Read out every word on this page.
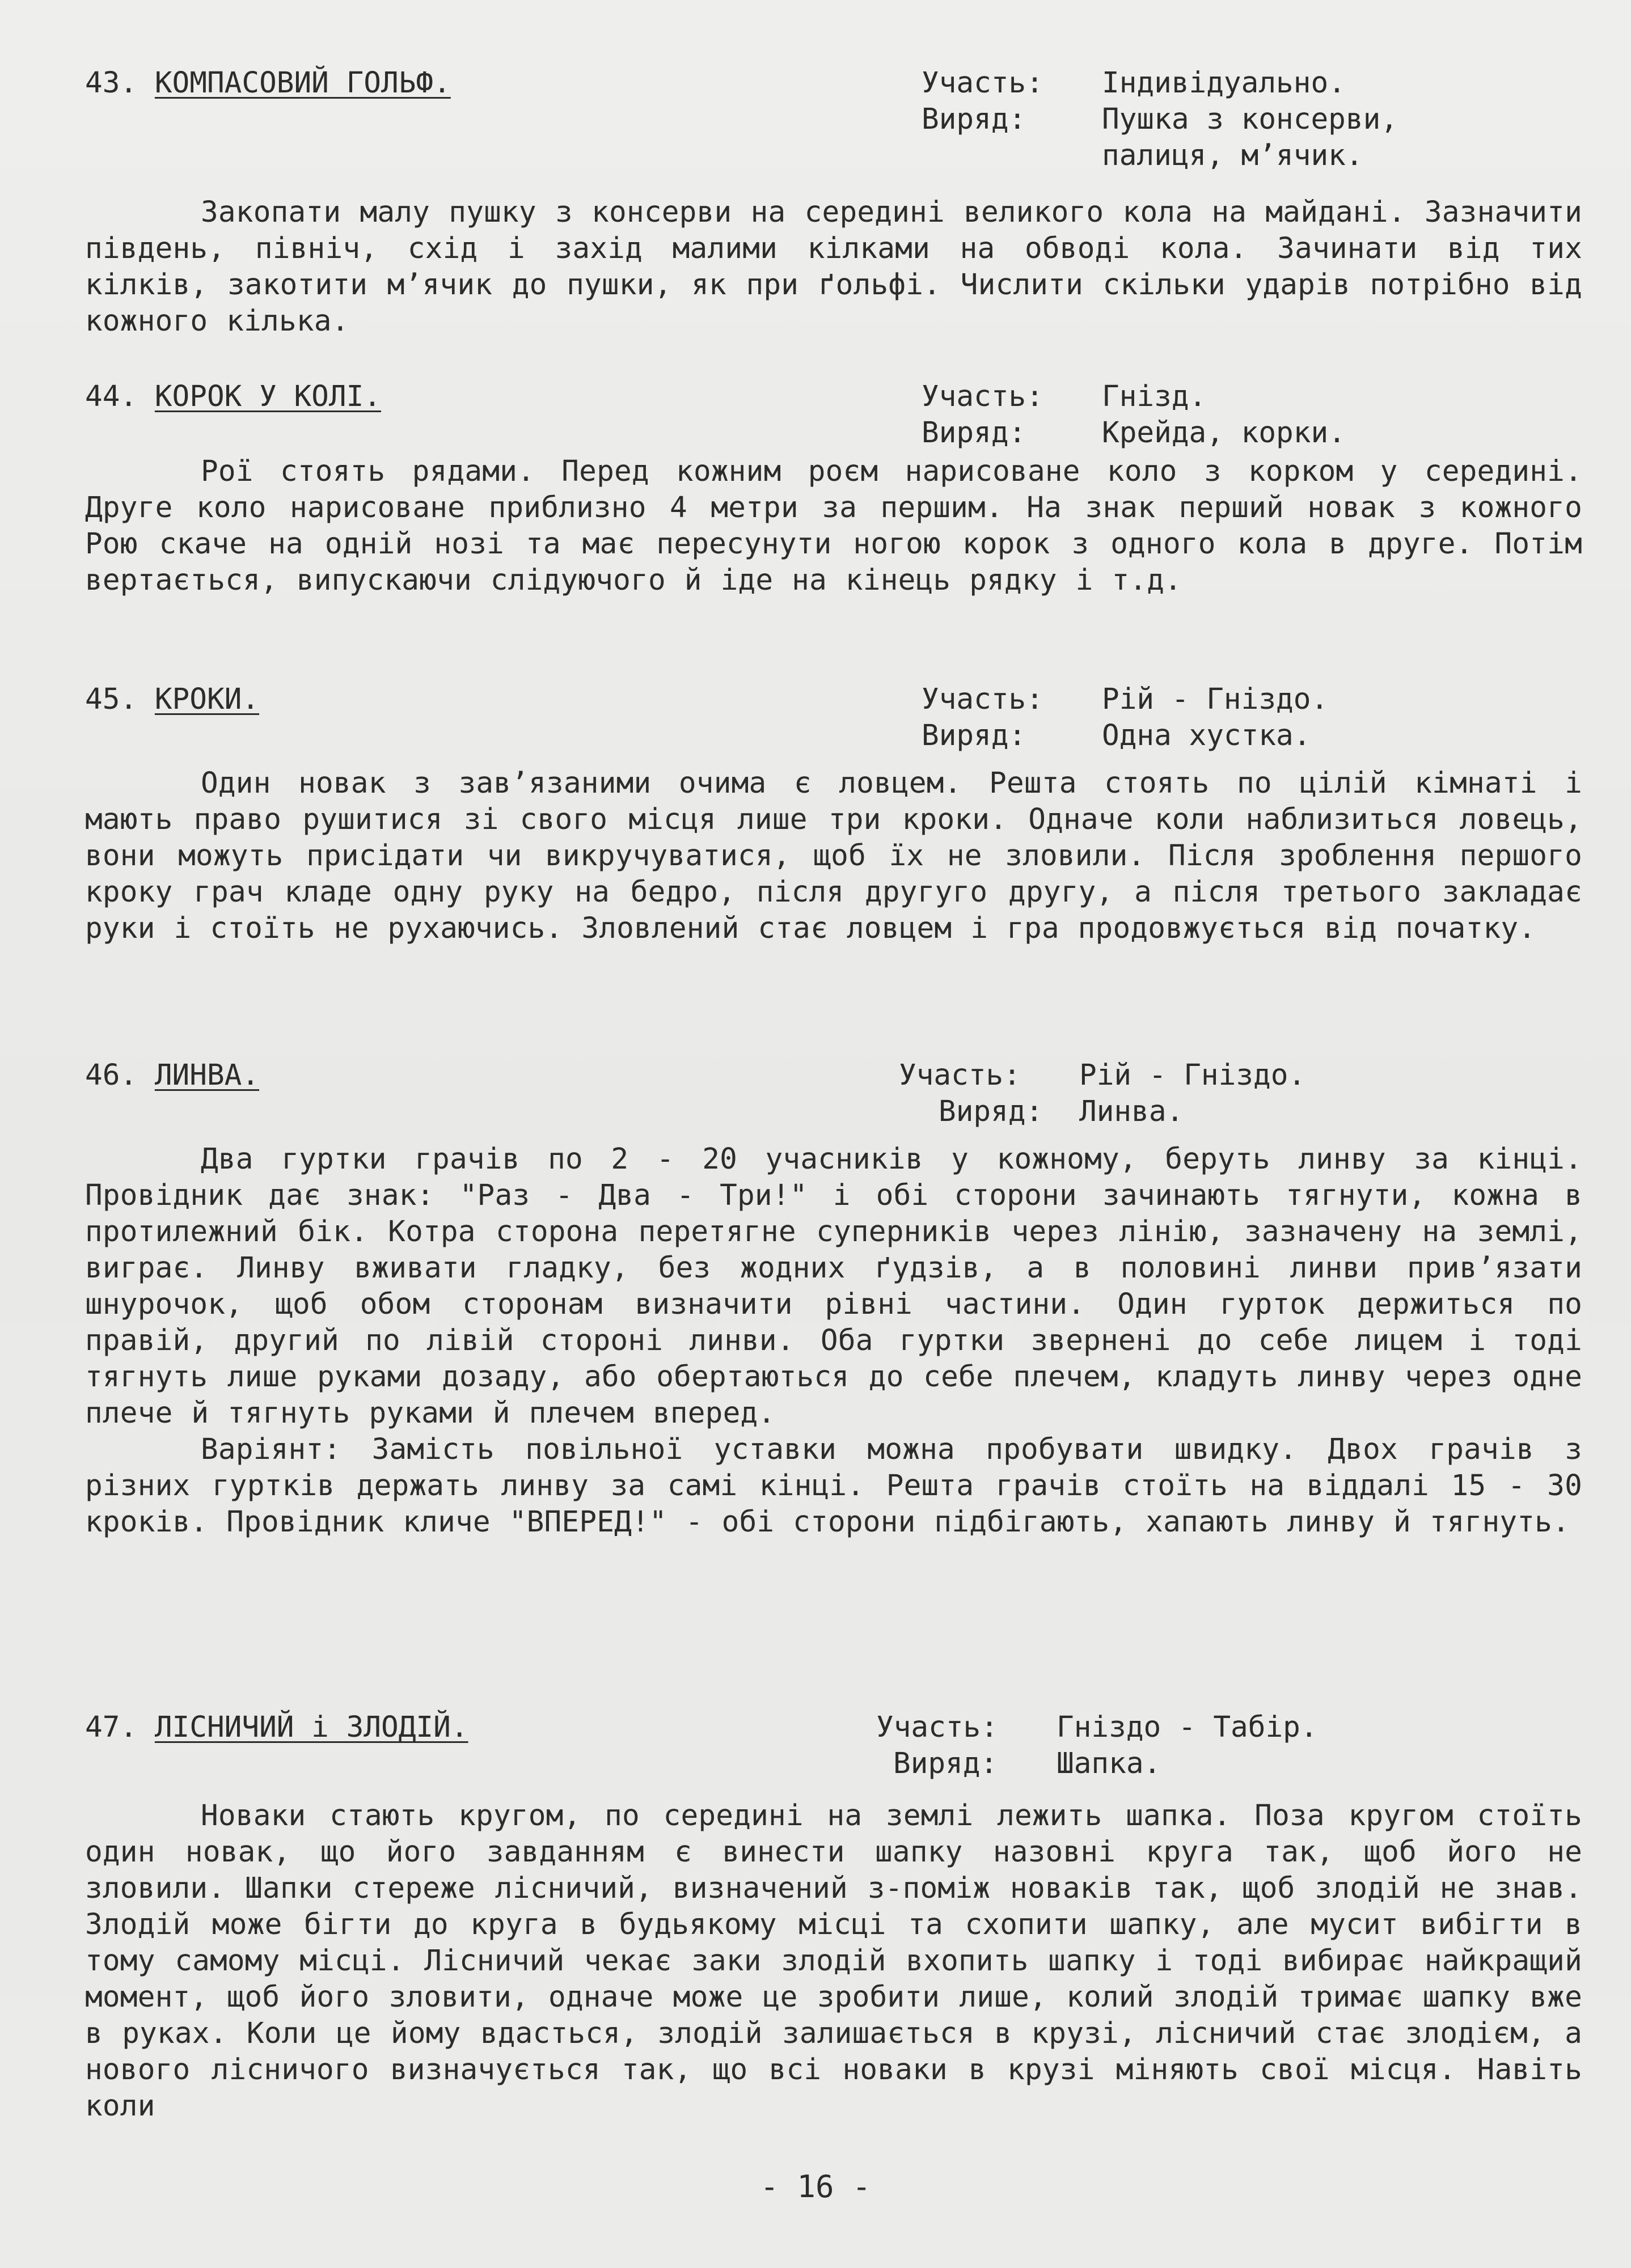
43. КОМПАСОВИЙ ГОЛЬФ.	Участь:	Індивідуально.
Виряд:	Пушка з консерви,
палиця, м’ячик.

Закопати малу пушку з консерви на середині великого кола на майдані. Зазначити південь, північ, схід і захід малими кілками на обводі кола. Зачинати від тих кілків, закотити м’ячик до пушки, як при ґольфі. Числити скільки ударів потрібно від кожного кілька.

44. КОРОК У КОЛІ.	Участь:	Гнізд.
Виряд:	Крейда, корки.

Рої стоять рядами. Перед кожним роєм нарисоване коло з корком у середині. Друге коло нарисоване приблизно 4 метри за першим. На знак перший новак з кожного Рою скаче на одній нозі та має пересунути ногою корок з одного кола в друге. Потім вертається, випускаючи слідуючого й іде на кінець рядку і т.д.

45. КРОКИ.	Участь:	Рій - Гніздо.
Виряд:	Одна хустка.

Один новак з зав’язаними очима є ловцем. Решта стоять по цілій кімнаті і мають право рушитися зі свого місця лише три кроки. Одначе коли наблизиться ловець, вони можуть присідати чи викручуватися, щоб їх не зловили. Після зроблення першого кроку грач кладе одну руку на бедро, після другуго другу, а після третього закладає руки і стоїть не рухаючись. Зловлений стає ловцем і гра продовжується від початку.

46. ЛИНВА.	Участь:	Рій - Гніздо.
Виряд:	Линва.

Два гуртки грачів по 2 - 20 учасників у кожному, беруть линву за кінці. Провідник дає знак: "Раз - Два - Три!" і обі сторони зачинають тягнути, кожна в протилежний бік. Котра сторона перетягне суперників через лінію, зазначену на землі, виграє. Линву вживати гладку, без жодних ґудзів, а в половині линви прив’язати шнурочок, щоб обом сторонам визначити рівні частини. Один гурток держиться по правій, другий по лівій стороні линви. Оба гуртки звернені до себе лицем і тоді тягнуть лише руками дозаду, або обертаються до себе плечем, кладуть линву через одне плече й тягнуть руками й плечем вперед.

Варіянт: Замість повільної уставки можна пробувати швидку. Двох грачів з різних гуртків держать линву за самі кінці. Решта грачів стоїть на віддалі 15 - 30 кроків. Провідник кличе "ВПЕРЕД!" - обі сторони підбігають, хапають линву й тягнуть.

47. ЛІСНИЧИЙ і ЗЛОДІЙ.	Участь:	Гніздо - Табір.
Виряд:	Шапка.

Новаки стають кругом, по середині на землі лежить шапка. Поза кругом стоїть один новак, що його завданням є винести шапку назовні круга так, щоб його не зловили. Шапки стереже лісничий, визначений з-поміж новаків так, щоб злодій не знав. Злодій може бігти до круга в будьякому місці та схопити шапку, але мусит вибігти в тому самому місці. Лісничий чекає заки злодій вхопить шапку і тоді вибирає найкращий момент, щоб його зловити, одначе може це зробити лише, колий злодій тримає шапку вже в руках. Коли це йому вдасться, злодій залишається в крузі, лісничий стає злодієм, а нового лісничого визначується так, що всі новаки в крузі міняють свої місця. Навіть коли

- 16 -
